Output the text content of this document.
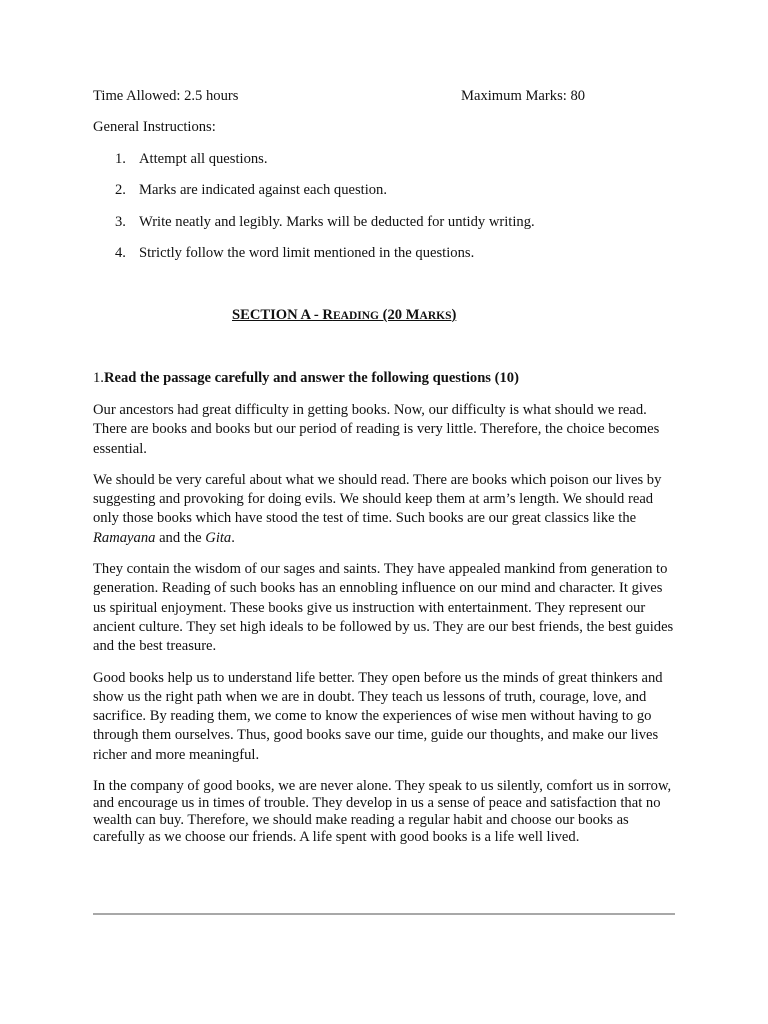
Time Allowed: 2.5 hours	Maximum Marks: 80
General Instructions:
1. Attempt all questions.
2. Marks are indicated against each question.
3. Write neatly and legibly. Marks will be deducted for untidy writing.
4. Strictly follow the word limit mentioned in the questions.
SECTION A - READING (20 MARKS)
1.Read the passage carefully and answer the following questions (10)

Our ancestors had great difficulty in getting books. Now, our difficulty is what should we read. There are books and books but our period of reading is very little. Therefore, the choice becomes essential.

We should be very careful about what we should read. There are books which poison our lives by suggesting and provoking for doing evils. We should keep them at arm’s length. We should read only those books which have stood the test of time. Such books are our great classics like the Ramayana and the Gita.

They contain the wisdom of our sages and saints. They have appealed mankind from generation to generation. Reading of such books has an ennobling influence on our mind and character. It gives us spiritual enjoyment. These books give us instruction with entertainment. They represent our ancient culture. They set high ideals to be followed by us. They are our best friends, the best guides and the best treasure.

Good books help us to understand life better. They open before us the minds of great thinkers and show us the right path when we are in doubt. They teach us lessons of truth, courage, love, and sacrifice. By reading them, we come to know the experiences of wise men without having to go through them ourselves. Thus, good books save our time, guide our thoughts, and make our lives richer and more meaningful.

In the company of good books, we are never alone. They speak to us silently, comfort us in sorrow, and encourage us in times of trouble. They develop in us a sense of peace and satisfaction that no wealth can buy. Therefore, we should make reading a regular habit and choose our books as carefully as we choose our friends. A life spent with good books is a life well lived.
